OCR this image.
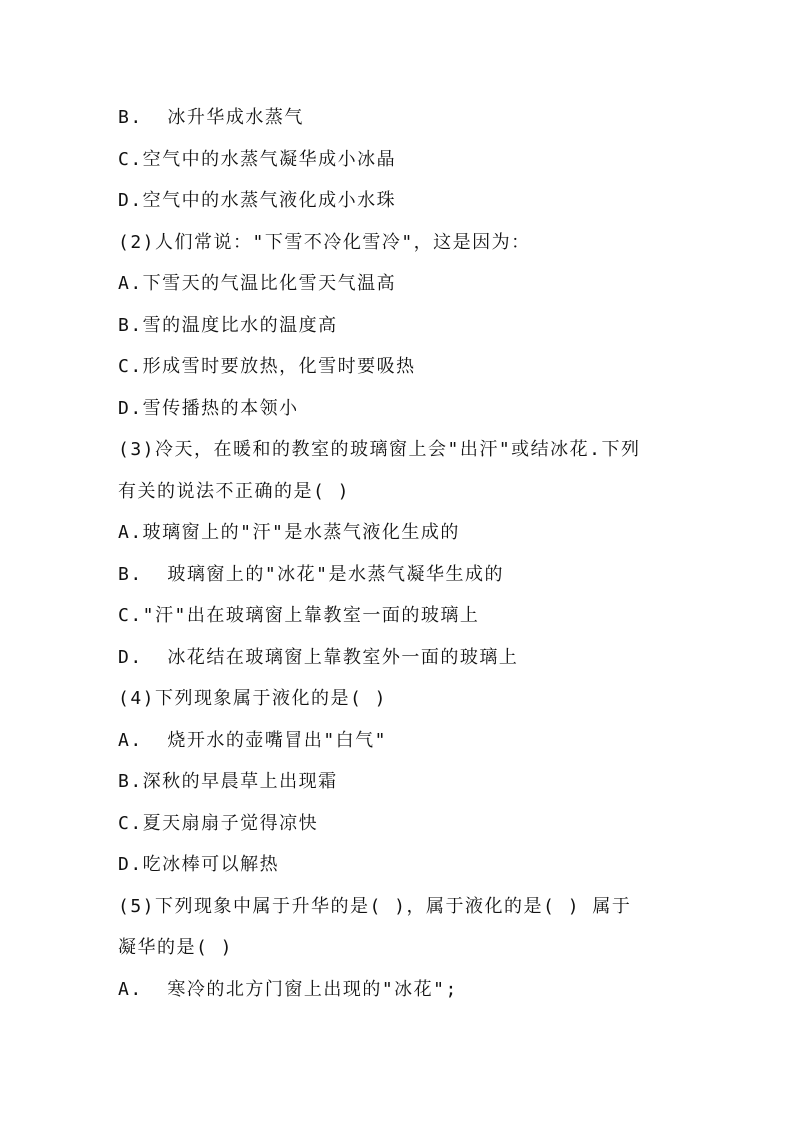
B.  冰升华成水蒸气
C.空气中的水蒸气凝华成小冰晶
D.空气中的水蒸气液化成小水珠
(2)人们常说："下雪不冷化雪冷"，这是因为：
A.下雪天的气温比化雪天气温高
B.雪的温度比水的温度高
C.形成雪时要放热，化雪时要吸热
D.雪传播热的本领小
(3)冷天，在暖和的教室的玻璃窗上会"出汗"或结冰花.下列
有关的说法不正确的是( )
A.玻璃窗上的"汗"是水蒸气液化生成的
B.  玻璃窗上的"冰花"是水蒸气凝华生成的
C."汗"出在玻璃窗上靠教室一面的玻璃上
D.  冰花结在玻璃窗上靠教室外一面的玻璃上
(4)下列现象属于液化的是( )
A.  烧开水的壶嘴冒出"白气"
B.深秋的早晨草上出现霜
C.夏天扇扇子觉得凉快
D.吃冰棒可以解热
(5)下列现象中属于升华的是( )，属于液化的是( ) 属于
凝华的是( )
A.  寒冷的北方门窗上出现的"冰花";
